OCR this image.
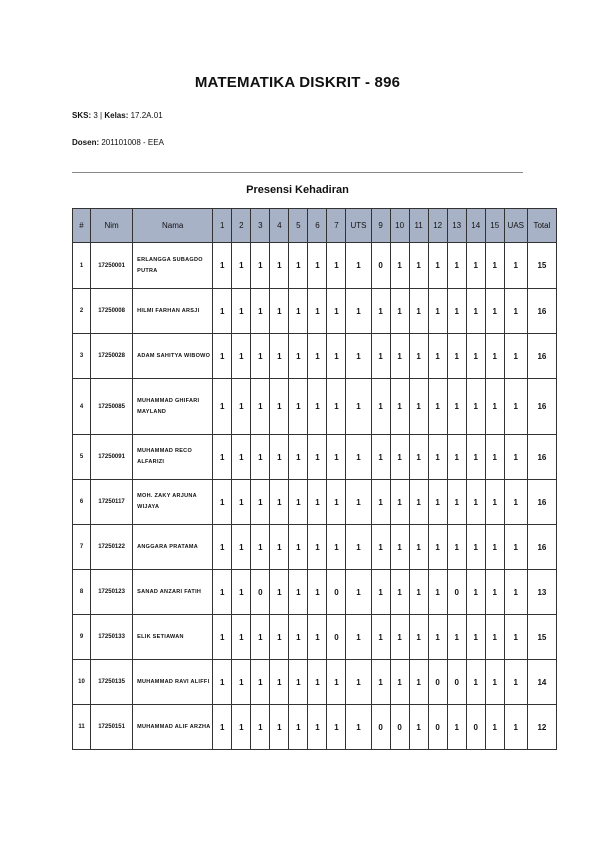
MATEMATIKA DISKRIT - 896
SKS: 3 | Kelas: 17.2A.01
Dosen: 201101008 - EEA
Presensi Kehadiran
#	Nim	Nama	1	2	3	4	5	6	7	UTS	9	10	11	12	13	14	15	UAS	Total
1	17250001	ERLANGGA SUBAGDO PUTRA	1	1	1	1	1	1	1	1	0	1	1	1	1	1	1	1	15
2	17250008	HILMI FARHAN ARSJI	1	1	1	1	1	1	1	1	1	1	1	1	1	1	1	1	16
3	17250028	ADAM SAHITYA WIBOWO	1	1	1	1	1	1	1	1	1	1	1	1	1	1	1	1	16
4	17250085	MUHAMMAD GHIFARI MAYLAND	1	1	1	1	1	1	1	1	1	1	1	1	1	1	1	1	16
5	17250091	MUHAMMAD RECO ALFARIZI	1	1	1	1	1	1	1	1	1	1	1	1	1	1	1	1	16
6	17250117	MOH. ZAKY ARJUNA WIJAYA	1	1	1	1	1	1	1	1	1	1	1	1	1	1	1	1	16
7	17250122	ANGGARA PRATAMA	1	1	1	1	1	1	1	1	1	1	1	1	1	1	1	1	16
8	17250123	SANAD ANZARI FATIH	1	1	0	1	1	1	0	1	1	1	1	1	0	1	1	1	13
9	17250133	ELIK SETIAWAN	1	1	1	1	1	1	0	1	1	1	1	1	1	1	1	1	15
10	17250135	MUHAMMAD RAVI ALIFFI	1	1	1	1	1	1	1	1	1	1	1	0	0	1	1	1	14
11	17250151	MUHAMMAD ALIF ARZHA	1	1	1	1	1	1	1	1	0	0	1	0	1	0	1	1	12
